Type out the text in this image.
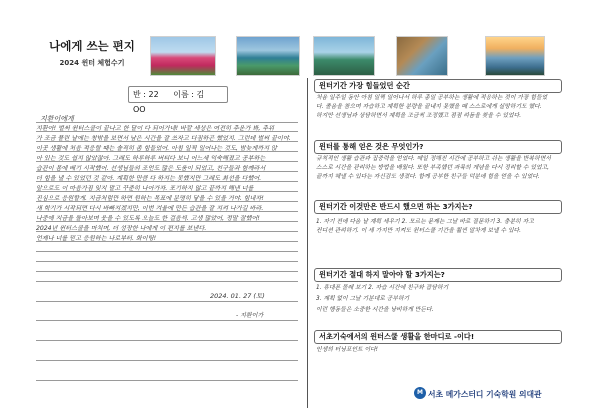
나에게 쓰는 편지
2024 윈터 체험수기
반 : 22 이름 : 김OO
지환이에게
지환아! 벌써 윈터스쿨이 끝나고 한 달이 다 되어가네! 바깥 세상은 여전히 추운가 봐, 추위
가 조금 풀린 날에는 창밖을 보면서 남은 시간을 잘 쓰자고 다짐하곤 했었지. 그런데 벌써 끝이야.
이곳 생활에 처음 적응할 때는 솔직히 좀 힘들었어. 아침 일찍 일어나는 것도, 밤늦게까지 앉
아 있는 것도 쉽지 않았잖아. 그래도 하루하루 버티다 보니 어느새 익숙해졌고 공부하는
습관이 몸에 배기 시작했어. 선생님들의 조언도 많은 도움이 되었고, 친구들과 함께라서
더 힘을 낼 수 있었던 것 같아. 계획한 만큼 다 하지는 못했지만 그래도 최선을 다했어.
앞으로도 이 마음가짐 잊지 말고 꾸준히 나아가자. 포기하지 않고 끝까지 해낸 너를
진심으로 응원할게. 지금처럼만 하면 원하는 목표에 분명히 닿을 수 있을 거야. 힘내자!
새 학기가 시작되면 다시 바빠지겠지만, 이번 겨울에 만든 습관을 잘 지켜 나가길 바라.
나중에 지금을 돌아보며 웃을 수 있도록 오늘도 한 걸음씩. 고생 많았어, 정말 잘했어!
2024년 윈터스쿨을 마치며, 더 성장한 나에게 이 편지를 보낸다.
언제나 너를 믿고 응원하는 나로부터. 화이팅!
2024. 01. 27 (토)
- 지환이가
윈터기간 가장 힘들었던 순간
처음 일주일 동안 아침 일찍 일어나서 하루 종일 공부하는 생활에 적응하는 것이 가장 힘들었
다. 졸음을 참으며 자습하고 계획한 분량을 끝내지 못했을 때 스스로에게 실망하기도 했다.
하지만 선생님과 상담하면서 계획을 조금씩 조정했고 점점 리듬을 찾을 수 있었다.
윈터를 통해 얻은 것은 무엇인가?
규칙적인 생활 습관과 집중력을 얻었다. 매일 정해진 시간에 공부하고 쉬는 생활을 반복하면서
스스로 시간을 관리하는 방법을 배웠다. 또한 부족했던 과목의 개념을 다시 정리할 수 있었고,
끝까지 해낼 수 있다는 자신감도 생겼다. 함께 공부한 친구들 덕분에 힘을 얻을 수 있었다.
윈터기간 이것만은 반드시 했으면 하는 3가지는?
1. 자기 전에 다음 날 계획 세우기 2. 모르는 문제는 그날 바로 질문하기 3. 충분히 자고
컨디션 관리하기. 이 세 가지만 지켜도 윈터스쿨 기간을 훨씬 알차게 보낼 수 있다.
윈터기간 절대 하지 말아야 할 3가지는?
1. 휴대폰 몰래 보기 2. 자습 시간에 친구와 잡담하기
3. 계획 없이 그날 기분대로 공부하기
이런 행동들은 소중한 시간을 낭비하게 만든다.
서초기숙에서의 윈터스쿨 생활을 한마디로 -이다!
인생의 터닝포인트 이다!
M 서초 메가스터디 기숙학원 의대관
